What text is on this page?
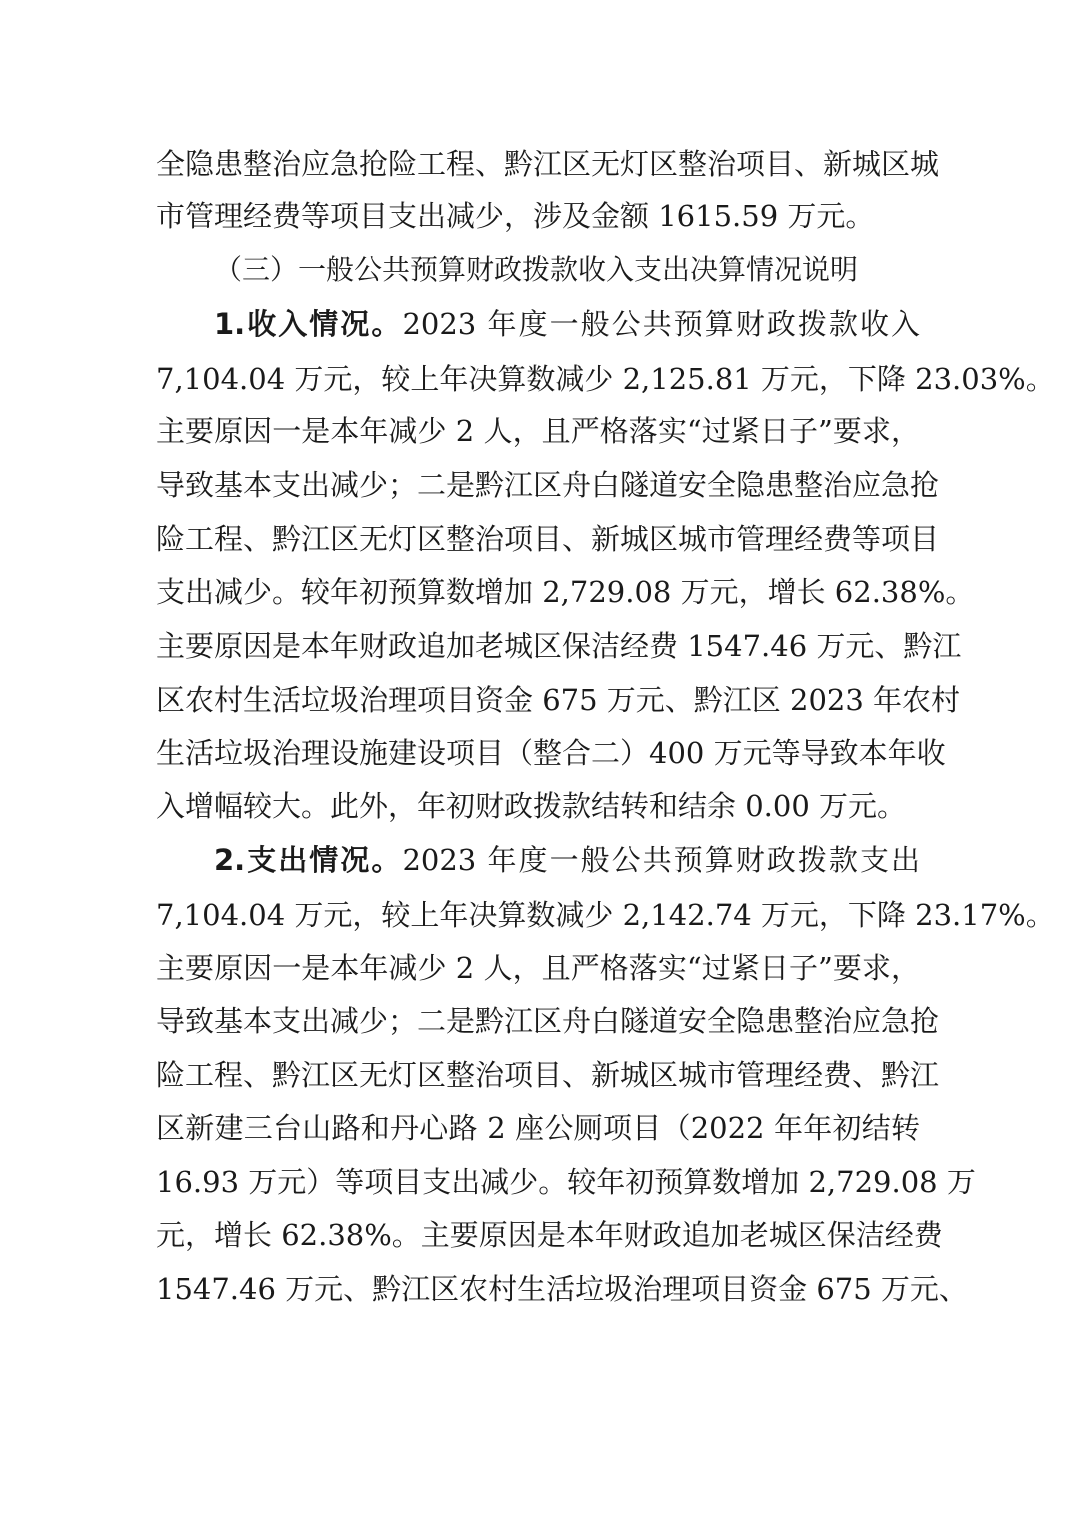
全隐患整治应急抢险工程、黔江区无灯区整治项目、新城区城
市管理经费等项目支出减少，涉及金额 1615.59 万元。
（三）一般公共预算财政拨款收入支出决算情况说明
1.收入情况。2023 年度一般公共预算财政拨款收入
7,104.04 万元，较上年决算数减少 2,125.81 万元，下降 23.03%。
主要原因一是本年减少 2 人，且严格落实“过紧日子”要求，
导致基本支出减少；二是黔江区舟白隧道安全隐患整治应急抢
险工程、黔江区无灯区整治项目、新城区城市管理经费等项目
支出减少。较年初预算数增加 2,729.08 万元，增长 62.38%。
主要原因是本年财政追加老城区保洁经费 1547.46 万元、黔江
区农村生活垃圾治理项目资金 675 万元、黔江区 2023 年农村
生活垃圾治理设施建设项目（整合二）400 万元等导致本年收
入增幅较大。此外，年初财政拨款结转和结余 0.00 万元。
2.支出情况。2023 年度一般公共预算财政拨款支出
7,104.04 万元，较上年决算数减少 2,142.74 万元，下降 23.17%。
主要原因一是本年减少 2 人，且严格落实“过紧日子”要求，
导致基本支出减少；二是黔江区舟白隧道安全隐患整治应急抢
险工程、黔江区无灯区整治项目、新城区城市管理经费、黔江
区新建三台山路和丹心路 2 座公厕项目（2022 年年初结转
16.93 万元）等项目支出减少。较年初预算数增加 2,729.08 万
元，增长 62.38%。主要原因是本年财政追加老城区保洁经费
1547.46 万元、黔江区农村生活垃圾治理项目资金 675 万元、
